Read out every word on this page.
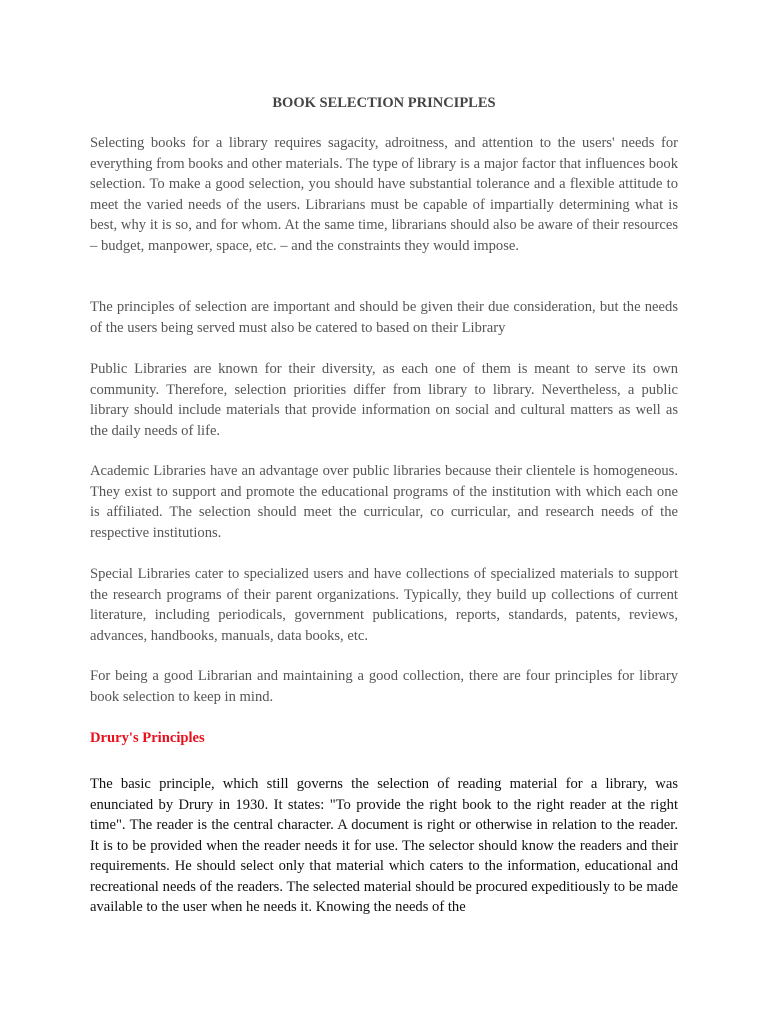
BOOK SELECTION PRINCIPLES

Selecting books for a library requires sagacity, adroitness, and attention to the users' needs for everything from books and other materials. The type of library is a major factor that influences book selection. To make a good selection, you should have substantial tolerance and a flexible attitude to meet the varied needs of the users. Librarians must be capable of impartially determining what is best, why it is so, and for whom. At the same time, librarians should also be aware of their resources – budget, manpower, space, etc. – and the constraints they would impose.

The principles of selection are important and should be given their due consideration, but the needs of the users being served must also be catered to based on their Library

Public Libraries are known for their diversity, as each one of them is meant to serve its own community. Therefore, selection priorities differ from library to library. Nevertheless, a public library should include materials that provide information on social and cultural matters as well as the daily needs of life.

Academic Libraries have an advantage over public libraries because their clientele is homogeneous. They exist to support and promote the educational programs of the institution with which each one is affiliated. The selection should meet the curricular, co curricular, and research needs of the respective institutions.

Special Libraries cater to specialized users and have collections of specialized materials to support the research programs of their parent organizations. Typically, they build up collections of current literature, including periodicals, government publications, reports, standards, patents, reviews, advances, handbooks, manuals, data books, etc.

For being a good Librarian and maintaining a good collection, there are four principles for library book selection to keep in mind.

Drury's Principles

The basic principle, which still governs the selection of reading material for a library, was enunciated by Drury in 1930. It states: "To provide the right book to the right reader at the right time". The reader is the central character. A document is right or otherwise in relation to the reader. It is to be provided when the reader needs it for use. The selector should know the readers and their requirements. He should select only that material which caters to the information, educational and recreational needs of the readers. The selected material should be procured expeditiously to be made available to the user when he needs it. Knowing the needs of the
